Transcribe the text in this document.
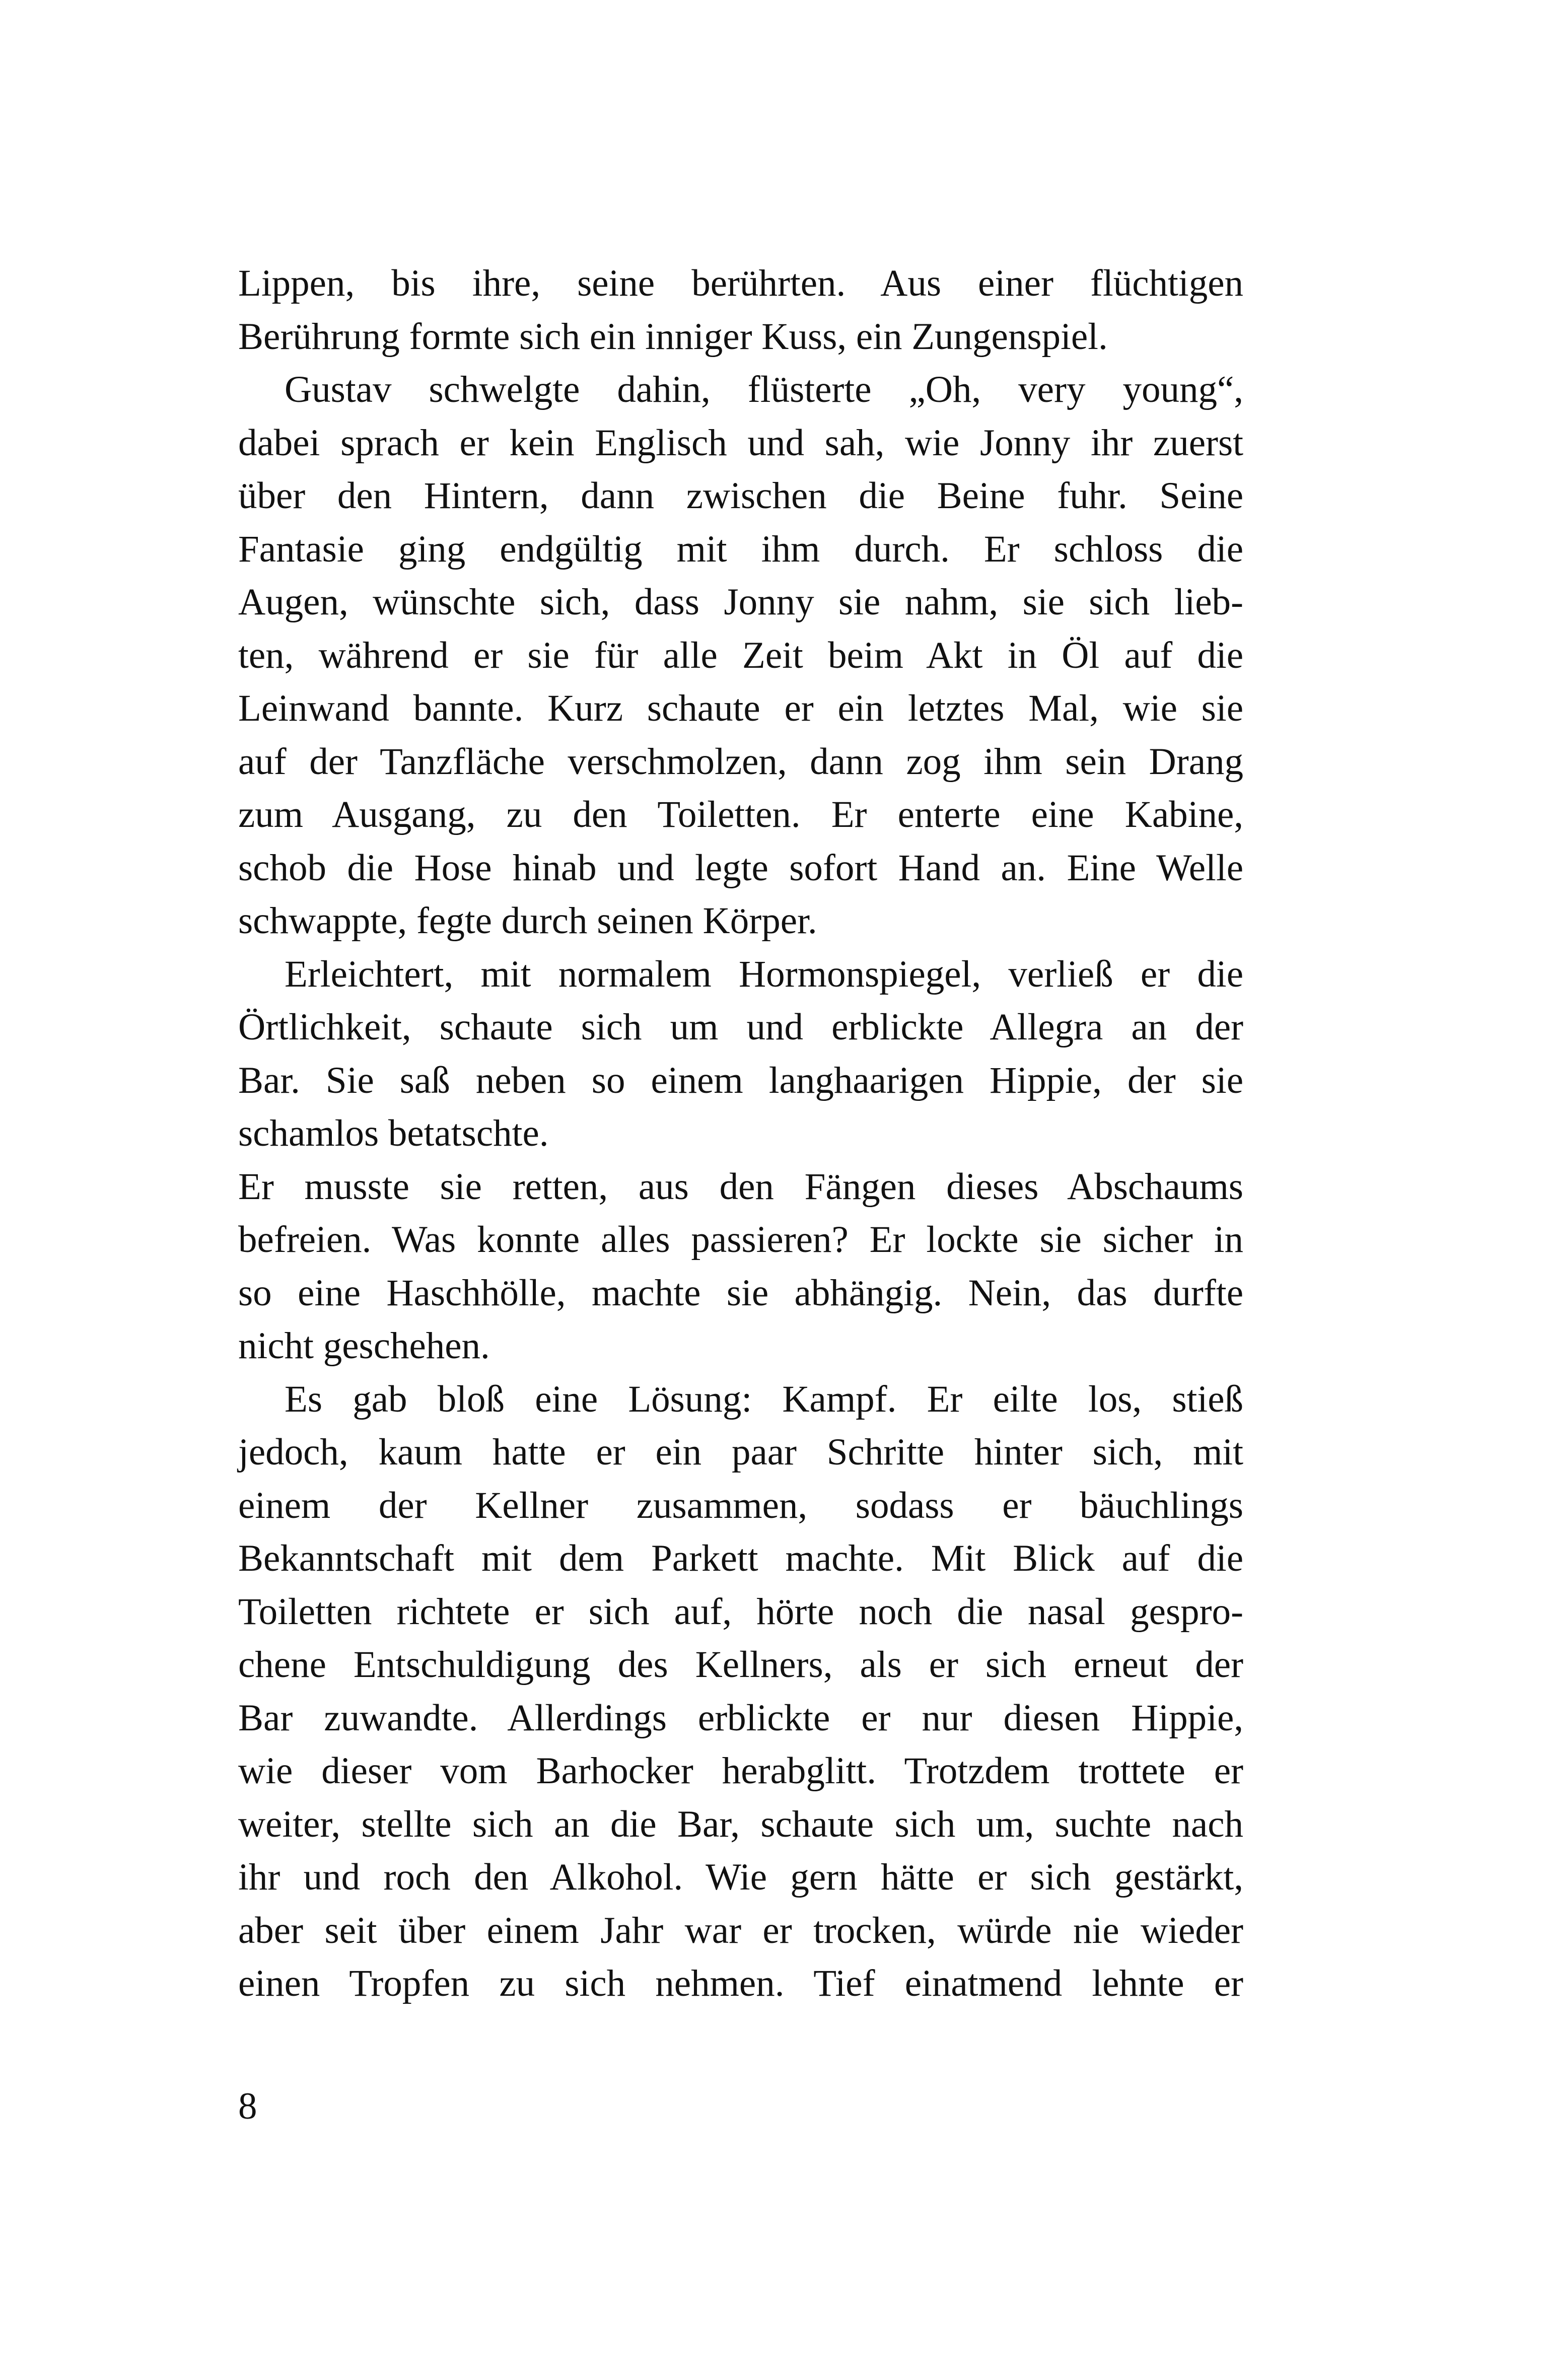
Lippen, bis ihre, seine berührten. Aus einer flüchtigen
Berührung formte sich ein inniger Kuss, ein Zungenspiel.
Gustav schwelgte dahin, flüsterte „Oh, very young“,
dabei sprach er kein Englisch und sah, wie Jonny ihr zuerst
über den Hintern, dann zwischen die Beine fuhr. Seine
Fantasie ging endgültig mit ihm durch. Er schloss die
Augen, wünschte sich, dass Jonny sie nahm, sie sich lieb-
ten, während er sie für alle Zeit beim Akt in Öl auf die
Leinwand bannte. Kurz schaute er ein letztes Mal, wie sie
auf der Tanzfläche verschmolzen, dann zog ihm sein Drang
zum Ausgang, zu den Toiletten. Er enterte eine Kabine,
schob die Hose hinab und legte sofort Hand an. Eine Welle
schwappte, fegte durch seinen Körper.
Erleichtert, mit normalem Hormonspiegel, verließ er die
Örtlichkeit, schaute sich um und erblickte Allegra an der
Bar. Sie saß neben so einem langhaarigen Hippie, der sie
schamlos betatschte.
Er musste sie retten, aus den Fängen dieses Abschaums
befreien. Was konnte alles passieren? Er lockte sie sicher in
so eine Haschhölle, machte sie abhängig. Nein, das durfte
nicht geschehen.
Es gab bloß eine Lösung: Kampf. Er eilte los, stieß
jedoch, kaum hatte er ein paar Schritte hinter sich, mit
einem der Kellner zusammen, sodass er bäuchlings
Bekanntschaft mit dem Parkett machte. Mit Blick auf die
Toiletten richtete er sich auf, hörte noch die nasal gespro-
chene Entschuldigung des Kellners, als er sich erneut der
Bar zuwandte. Allerdings erblickte er nur diesen Hippie,
wie dieser vom Barhocker herabglitt. Trotzdem trottete er
weiter, stellte sich an die Bar, schaute sich um, suchte nach
ihr und roch den Alkohol. Wie gern hätte er sich gestärkt,
aber seit über einem Jahr war er trocken, würde nie wieder
einen Tropfen zu sich nehmen. Tief einatmend lehnte er
8
